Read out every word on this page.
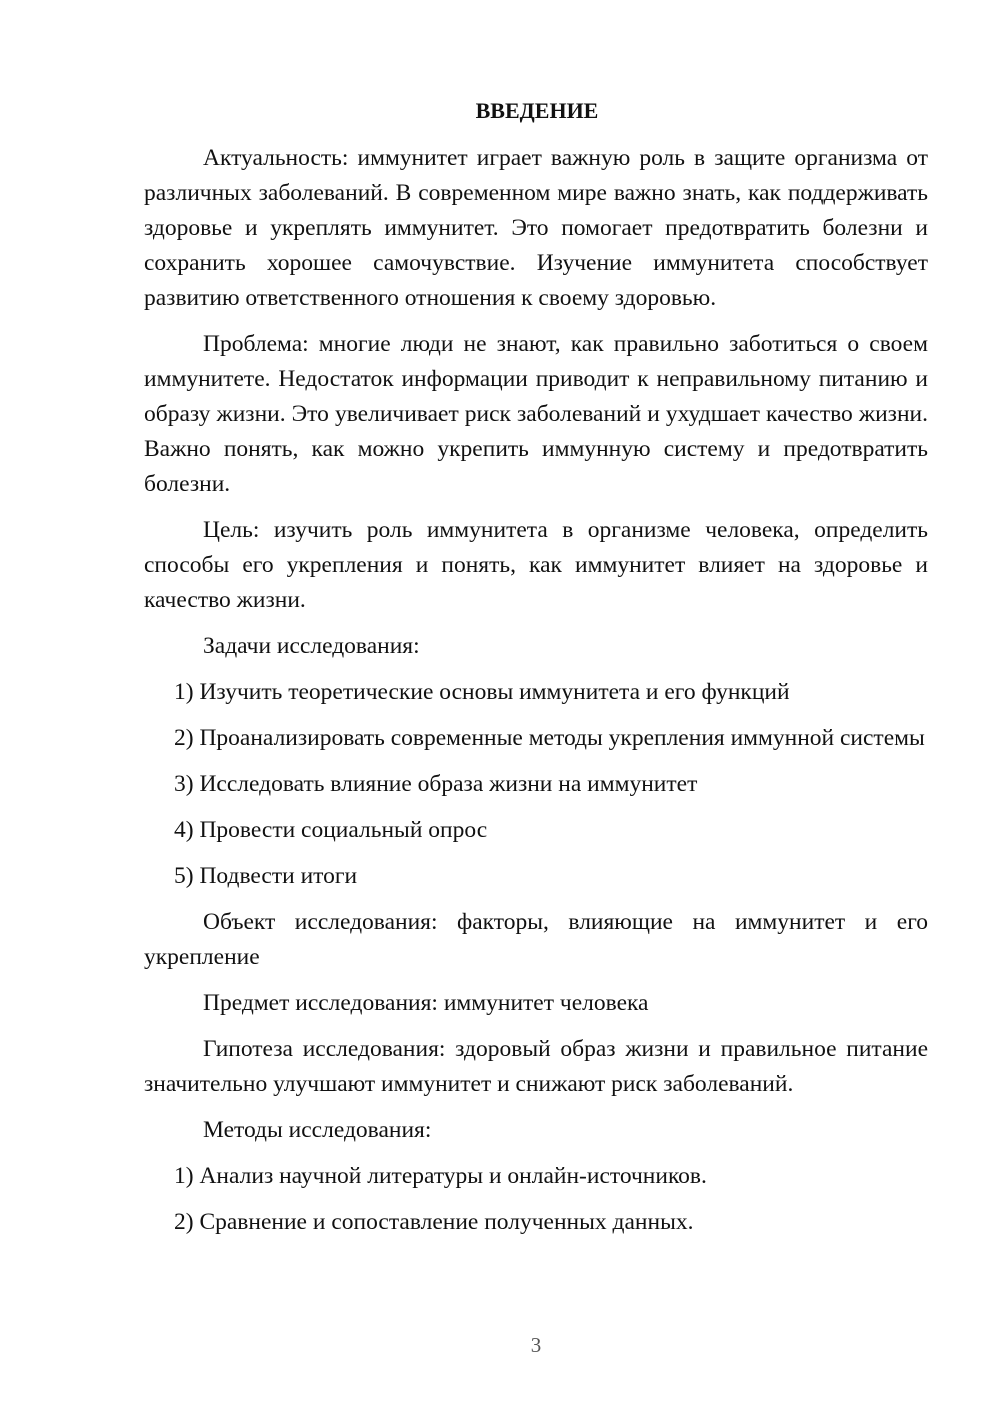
ВВЕДЕНИЕ

Актуальность: иммунитет играет важную роль в защите организма от различных заболеваний. В современном мире важно знать, как поддерживать здоровье и укреплять иммунитет. Это помогает предотвратить болезни и сохранить хорошее самочувствие. Изучение иммунитета способствует развитию ответственного отношения к своему здоровью.

Проблема: многие люди не знают, как правильно заботиться о своем иммунитете. Недостаток информации приводит к неправильному питанию и образу жизни. Это увеличивает риск заболеваний и ухудшает качество жизни. Важно понять, как можно укрепить иммунную систему и предотвратить болезни.

Цель: изучить роль иммунитета в организме человека, определить способы его укрепления и понять, как иммунитет влияет на здоровье и качество жизни.

Задачи исследования:

1) Изучить теоретические основы иммунитета и его функций

2) Проанализировать современные методы укрепления иммунной системы

3) Исследовать влияние образа жизни на иммунитет

4) Провести социальный опрос

5) Подвести итоги

Объект исследования: факторы, влияющие на иммунитет и его укрепление

Предмет исследования: иммунитет человека

Гипотеза исследования: здоровый образ жизни и правильное питание значительно улучшают иммунитет и снижают риск заболеваний.

Методы исследования:

1) Анализ научной литературы и онлайн-источников.

2) Сравнение и сопоставление полученных данных.

3
